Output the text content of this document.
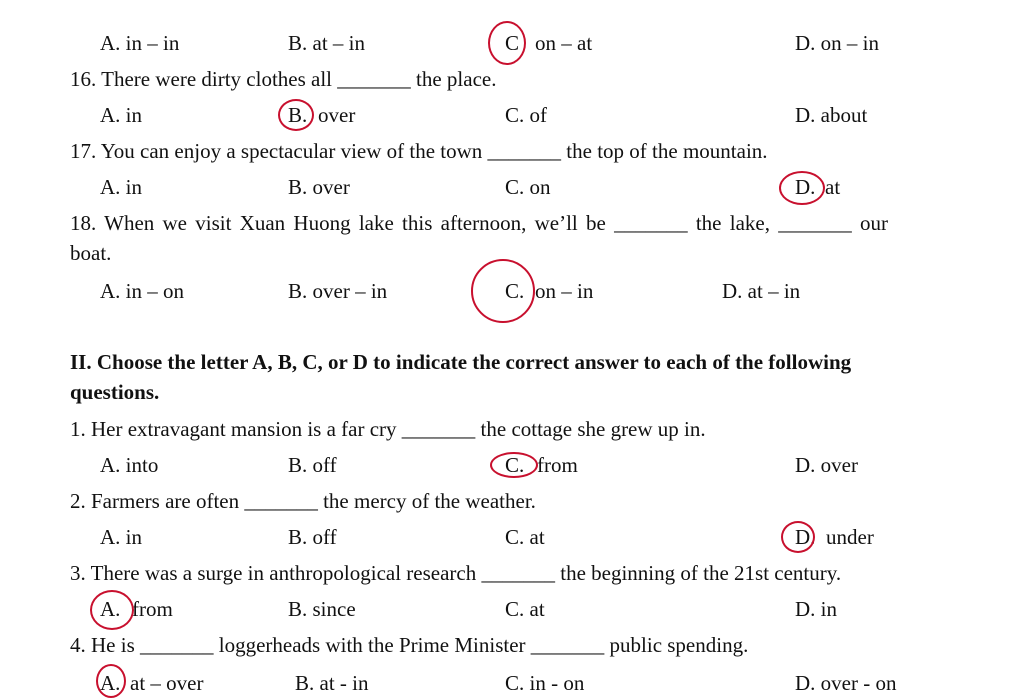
A. in – in	B. at – in	C on – at	D. on – in
16. There were dirty clothes all _______ the place.
A. in	B. over	C. of	D. about
17. You can enjoy a spectacular view of the town _______ the top of the mountain.
A. in	B. over	C. on	D. at
18. When we visit Xuan Huong lake this afternoon, we’ll be _______ the lake, _______ our
boat.
A. in – on	B. over – in	C. on – in	D. at – in
II. Choose the letter A, B, C, or D to indicate the correct answer to each of the following
questions.
1. Her extravagant mansion is a far cry _______ the cottage she grew up in.
A. into	B. off	C. from	D. over
2. Farmers are often _______ the mercy of the weather.
A. in	B. off	C. at	D. under
3. There was a surge in anthropological research _______ the beginning of the 21st century.
A. from	B. since	C. at	D. in
4. He is _______ loggerheads with the Prime Minister _______ public spending.
A. at – over	B. at - in	C. in - on	D. over - on
